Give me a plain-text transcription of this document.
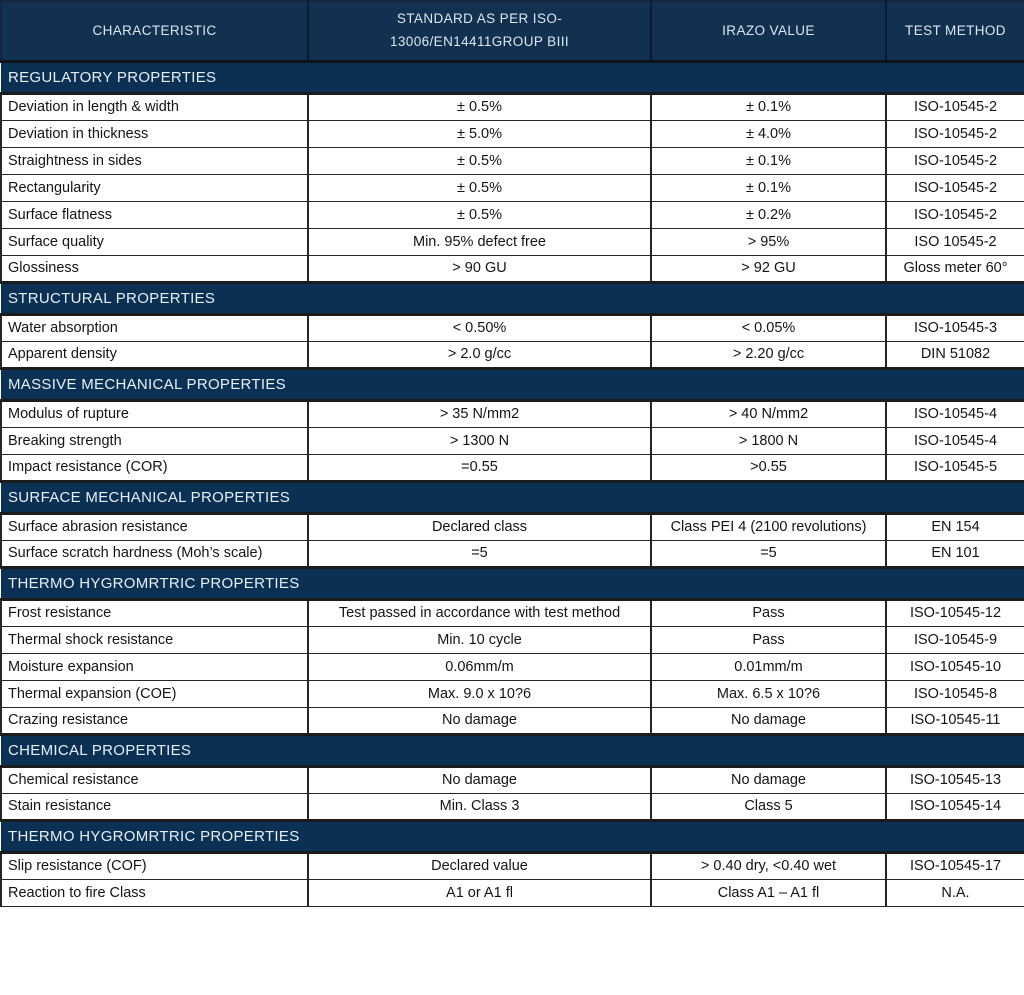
CHARACTERISTIC	STANDARD AS PER ISO-
13006/EN14411GROUP BIII	IRAZO VALUE	TEST METHOD

REGULATORY PROPERTIES			
Deviation in length & width	± 0.5%	± 0.1%	ISO-10545-2
Deviation in thickness	± 5.0%	± 4.0%	ISO-10545-2
Straightness in sides	± 0.5%	± 0.1%	ISO-10545-2
Rectangularity	± 0.5%	± 0.1%	ISO-10545-2
Surface flatness	± 0.5%	± 0.2%	ISO-10545-2
Surface quality	Min. 95% defect free	> 95%	ISO 10545-2
Glossiness	> 90 GU	> 92 GU	Gloss meter 60°
STRUCTURAL PROPERTIES			
Water absorption	< 0.50%	< 0.05%	ISO-10545-3
Apparent density	> 2.0 g/cc	> 2.20 g/cc	DIN 51082
MASSIVE MECHANICAL PROPERTIES			
Modulus of rupture	> 35 N/mm2	> 40 N/mm2	ISO-10545-4
Breaking strength	> 1300 N	> 1800 N	ISO-10545-4
Impact resistance (COR)	=0.55	>0.55	ISO-10545-5
SURFACE MECHANICAL PROPERTIES			
Surface abrasion resistance	Declared class	Class PEI 4 (2100 revolutions)	EN 154
Surface scratch hardness (Moh’s scale)	=5	=5	EN 101
THERMO HYGROMRTRIC PROPERTIES			
Frost resistance	Test passed in accordance with test method	Pass	ISO-10545-12
Thermal shock resistance	Min. 10 cycle	Pass	ISO-10545-9
Moisture expansion	0.06mm/m	0.01mm/m	ISO-10545-10
Thermal expansion (COE)	Max. 9.0 x 10?6	Max. 6.5 x 10?6	ISO-10545-8
Crazing resistance	No damage	No damage	ISO-10545-11
CHEMICAL PROPERTIES			
Chemical resistance	No damage	No damage	ISO-10545-13
Stain resistance	Min. Class 3	Class 5	ISO-10545-14
THERMO HYGROMRTRIC PROPERTIES			
Slip resistance (COF)	Declared value	> 0.40 dry, <0.40 wet	ISO-10545-17
Reaction to fire Class	A1 or A1 fl	Class A1 – A1 fl	N.A.
